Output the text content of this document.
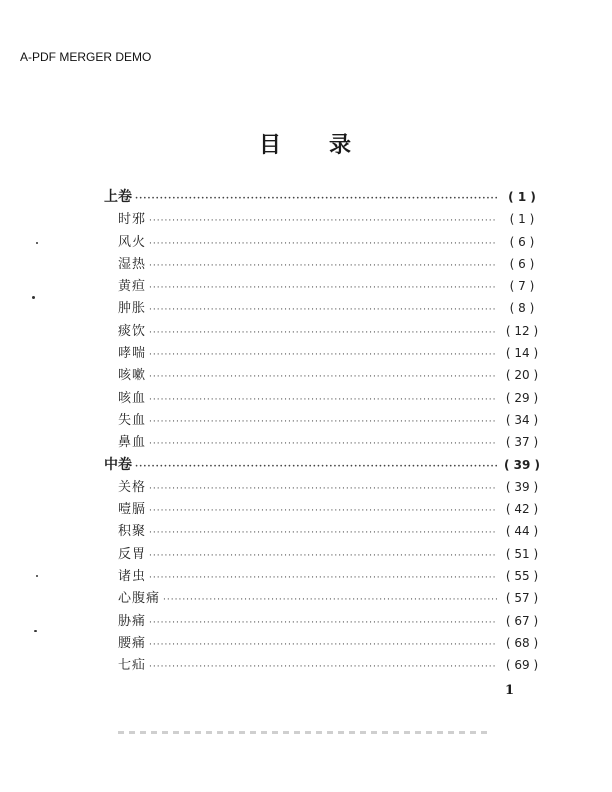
A-PDF MERGER DEMO
目 录
上卷 ·····	( 1 )
时邪 ·····	( 1 )
风火 ·····	( 6 )
湿热 ·····	( 6 )
黄疸 ·····	( 7 )
肿胀 ·····	( 8 )
痰饮 ·····	( 12 )
哮喘 ·····	( 14 )
咳嗽 ·····	( 20 )
咳血 ·····	( 29 )
失血 ·····	( 34 )
鼻血 ·····	( 37 )
中卷 ·····	( 39 )
关格 ·····	( 39 )
噎膈 ·····	( 42 )
积聚 ·····	( 44 )
反胃 ·····	( 51 )
诸虫 ·····	( 55 )
心腹痛 ·····	( 57 )
胁痛 ·····	( 67 )
腰痛 ·····	( 68 )
七疝 ·····	( 69 )
1
